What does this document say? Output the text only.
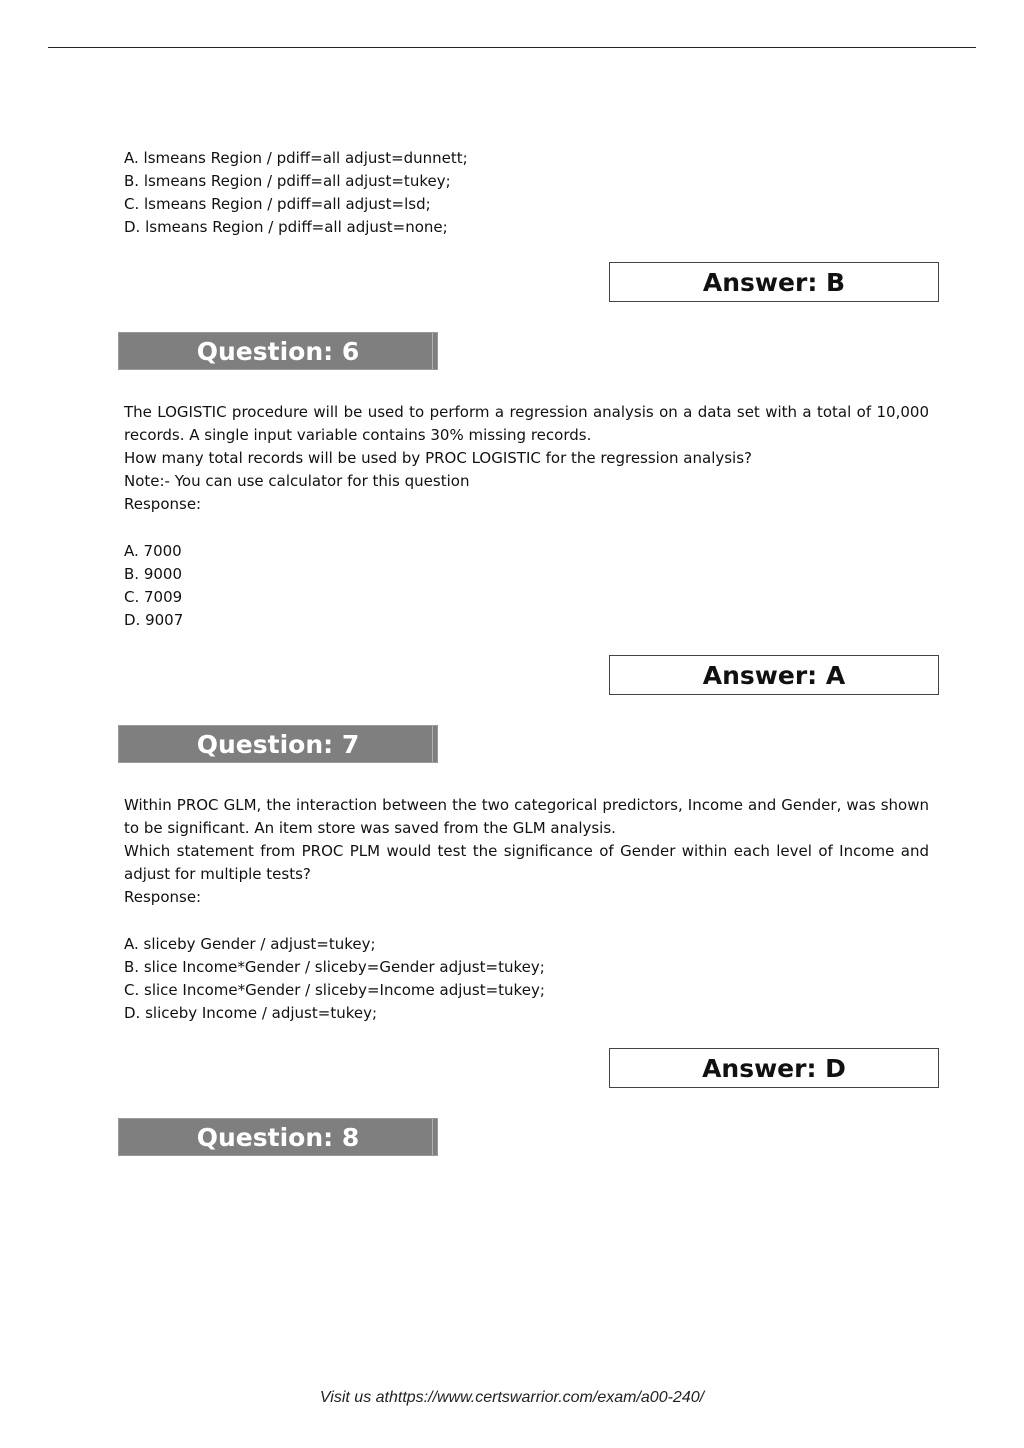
A. lsmeans Region / pdiff=all adjust=dunnett;
B. lsmeans Region / pdiff=all adjust=tukey;
C. lsmeans Region / pdiff=all adjust=lsd;
D. lsmeans Region / pdiff=all adjust=none;
Answer: B
Question: 6

The LOGISTIC procedure will be used to perform a regression analysis on a data set with a total of 10,000 records. A single input variable contains 30% missing records.

How many total records will be used by PROC LOGISTIC for the regression analysis?

Note:- You can use calculator for this question

Response:

A. 7000
B. 9000
C. 7009
D. 9007
Answer: A
Question: 7

Within PROC GLM, the interaction between the two categorical predictors, Income and Gender, was shown to be significant. An item store was saved from the GLM analysis.

Which statement from PROC PLM would test the significance of Gender within each level of Income and adjust for multiple tests?

Response:

A. sliceby Gender / adjust=tukey;
B. slice Income*Gender / sliceby=Gender adjust=tukey;
C. slice Income*Gender / sliceby=Income adjust=tukey;
D. sliceby Income / adjust=tukey;
Answer: D
Question: 8
Visit us athttps://www.certswarrior.com/exam/a00-240/
